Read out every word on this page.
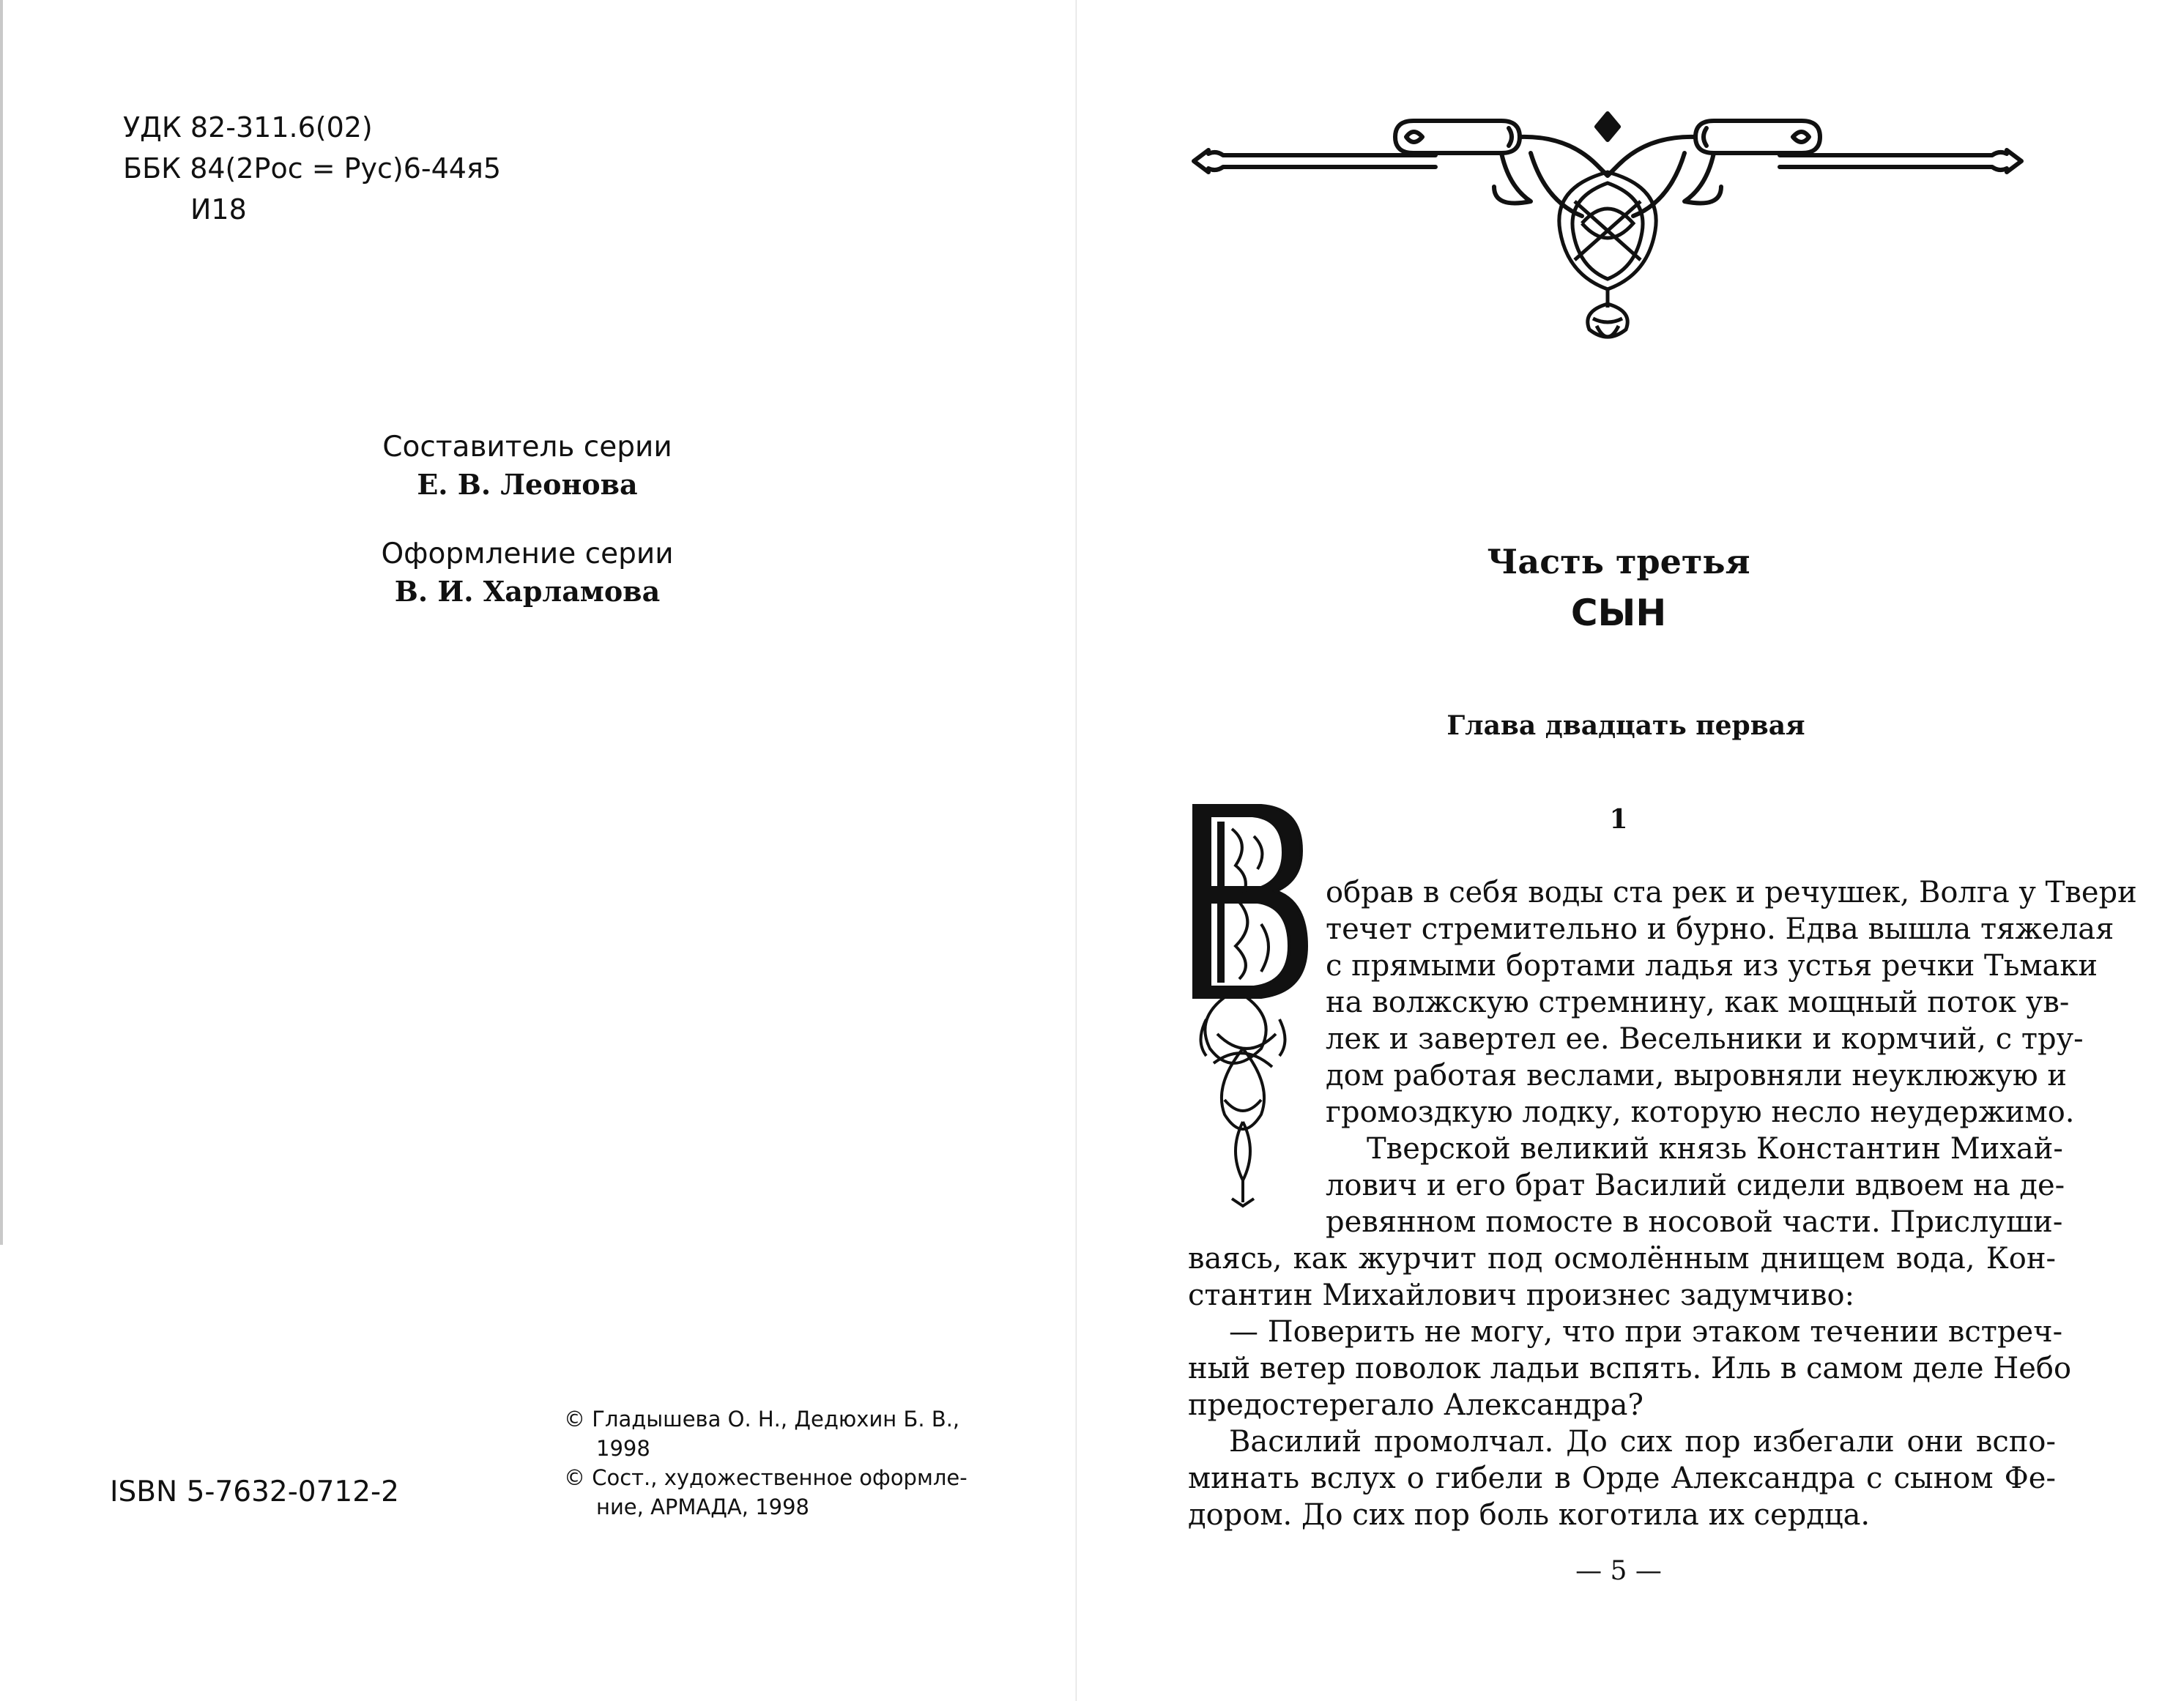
УДК 82-311.6(02)
ББК 84(2Рос = Рус)6-44я5
И18
Составитель серии
Е. В. Леонова
Оформление серии
В. И. Харламова
ISBN 5-7632-0712-2
© Гладышева О. Н., Дедюхин Б. В.,
1998
© Сост., художественное оформле-
ние, АРМАДА, 1998
Часть третья
СЫН
Глава двадцать первая
1
обрав в себя воды ста рек и речушек, Волга у Твери
течет стремительно и бурно. Едва вышла тяжелая
с прямыми бортами ладья из устья речки Тьмаки
на волжскую стремнину, как мощный поток ув-
лек и завертел ее. Весельники и кормчий, с тру-
дом работая веслами, выровняли неуклюжую и
громоздкую лодку, которую несло неудержимо.
Тверской великий князь Константин Михай-
лович и его брат Василий сидели вдвоем на де-
ревянном помосте в носовой части. Прислуши-
ваясь, как журчит под осмолённым днищем вода, Кон-
стантин Михайлович произнес задумчиво:
— Поверить не могу, что при этаком течении встреч-
ный ветер поволок ладьи вспять. Иль в самом деле Небо
предостерегало Александра?
Василий промолчал. До сих пор избегали они вспо-
минать вслух о гибели в Орде Александра с сыном Фе-
дором. До сих пор боль коготила их сердца.
— 5 —
